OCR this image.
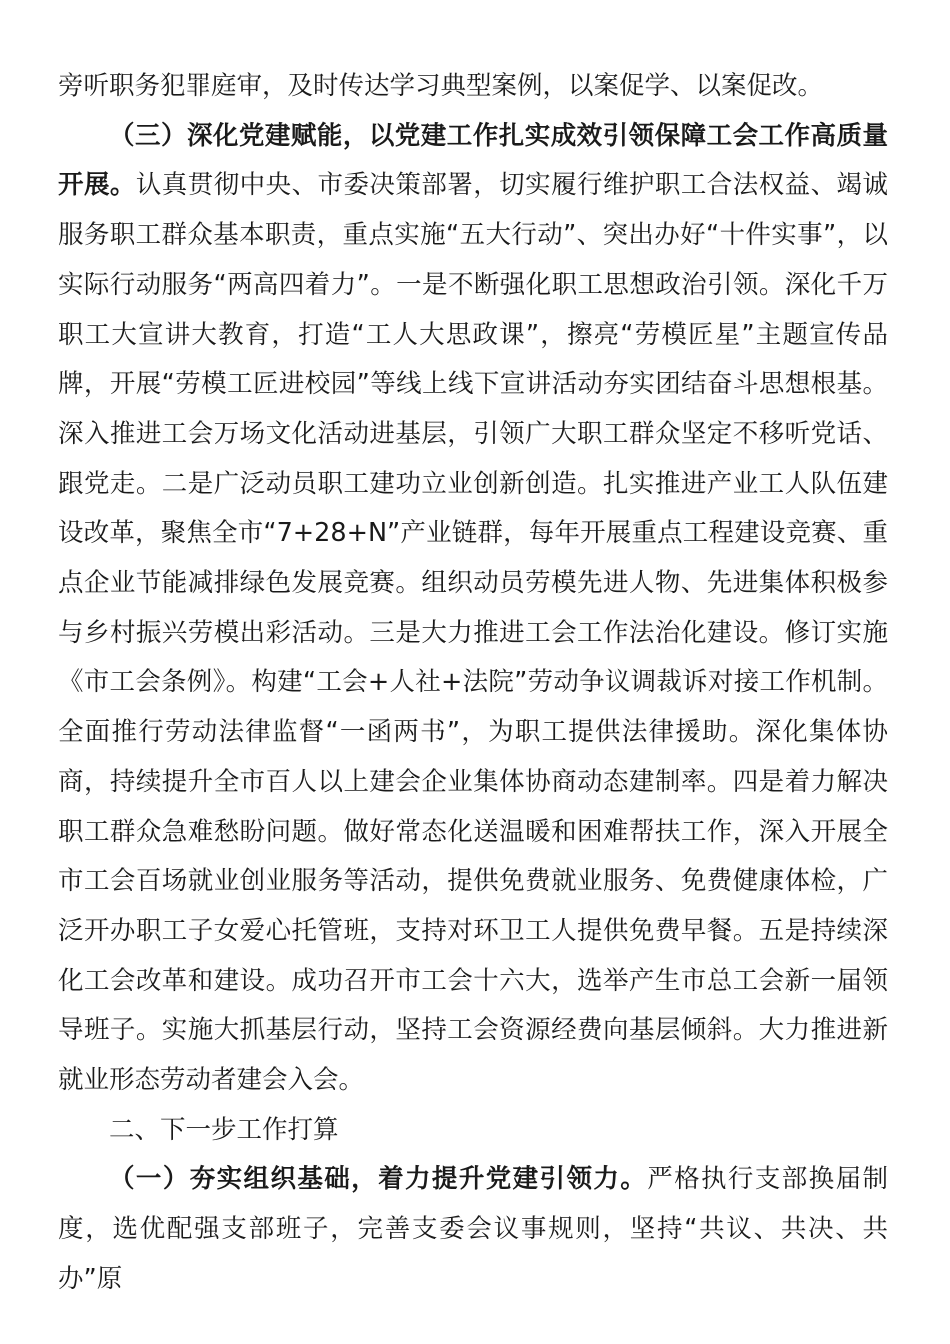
旁听职务犯罪庭审，及时传达学习典型案例，以案促学、以案促改。

（三）深化党建赋能，以党建工作扎实成效引领保障工会工作高质量开展。认真贯彻中央、市委决策部署，切实履行维护职工合法权益、竭诚服务职工群众基本职责，重点实施“五大行动”、突出办好“十件实事”，以实际行动服务“两高四着力”。一是不断强化职工思想政治引领。深化千万职工大宣讲大教育，打造“工人大思政课”，擦亮“劳模匠星”主题宣传品牌，开展“劳模工匠进校园”等线上线下宣讲活动夯实团结奋斗思想根基。深入推进工会万场文化活动进基层，引领广大职工群众坚定不移听党话、跟党走。二是广泛动员职工建功立业创新创造。扎实推进产业工人队伍建设改革，聚焦全市“7+28+N”产业链群，每年开展重点工程建设竞赛、重点企业节能减排绿色发展竞赛。组织动员劳模先进人物、先进集体积极参与乡村振兴劳模出彩活动。三是大力推进工会工作法治化建设。修订实施《市工会条例》。构建“工会+人社+法院”劳动争议调裁诉对接工作机制。全面推行劳动法律监督“一函两书”，为职工提供法律援助。深化集体协商，持续提升全市百人以上建会企业集体协商动态建制率。四是着力解决职工群众急难愁盼问题。做好常态化送温暖和困难帮扶工作，深入开展全市工会百场就业创业服务等活动，提供免费就业服务、免费健康体检，广泛开办职工子女爱心托管班，支持对环卫工人提供免费早餐。五是持续深化工会改革和建设。成功召开市工会十六大，选举产生市总工会新一届领导班子。实施大抓基层行动，坚持工会资源经费向基层倾斜。大力推进新就业形态劳动者建会入会。

二、下一步工作打算

（一）夯实组织基础，着力提升党建引领力。严格执行支部换届制度，选优配强支部班子，完善支委会议事规则，坚持“共议、共决、共办”原
